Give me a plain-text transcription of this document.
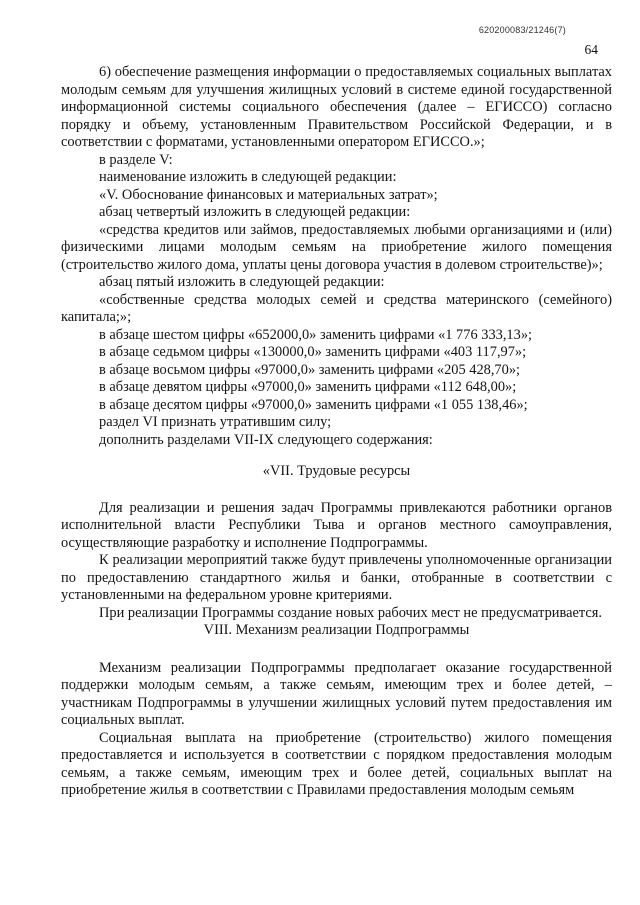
620200083/21246(7)
64

6) обеспечение размещения информации о предоставляемых социальных выплатах молодым семьям для улучшения жилищных условий в системе единой государственной информационной системы социального обеспечения (далее – ЕГИССО) согласно порядку и объему, установленным Правительством Российской Федерации, и в соответствии с форматами, установленными оператором ЕГИССО.»;

в разделе V:

наименование изложить в следующей редакции:

«V. Обоснование финансовых и материальных затрат»;

абзац четвертый изложить в следующей редакции:

«средства кредитов или займов, предоставляемых любыми организациями и (или) физическими лицами молодым семьям на приобретение жилого помещения (строительство жилого дома, уплаты цены договора участия в долевом строительстве)»;

абзац пятый изложить в следующей редакции:

«собственные средства молодых семей и средства материнского (семейного) капитала;»;

в абзаце шестом цифры «652000,0» заменить цифрами «1 776 333,13»;

в абзаце седьмом цифры «130000,0» заменить цифрами «403 117,97»;

в абзаце восьмом цифры «97000,0» заменить цифрами «205 428,70»;

в абзаце девятом цифры «97000,0» заменить цифрами «112 648,00»;

в абзаце десятом цифры «97000,0» заменить цифрами «1 055 138,46»;

раздел VI признать утратившим силу;

дополнить разделами VII-IX следующего содержания:

«VII. Трудовые ресурсы

Для реализации и решения задач Программы привлекаются работники органов исполнительной власти Республики Тыва и органов местного самоуправления, осуществляющие разработку и исполнение Подпрограммы.

К реализации мероприятий также будут привлечены уполномоченные организации по предоставлению стандартного жилья и банки, отобранные в соответствии с установленными на федеральном уровне критериями.

При реализации Программы создание новых рабочих мест не предусматривается.

VIII. Механизм реализации Подпрограммы

Механизм реализации Подпрограммы предполагает оказание государственной поддержки молодым семьям, а также семьям, имеющим трех и более детей, – участникам Подпрограммы в улучшении жилищных условий путем предоставления им социальных выплат.

Социальная выплата на приобретение (строительство) жилого помещения предоставляется и используется в соответствии с порядком предоставления молодым семьям, а также семьям, имеющим трех и более детей, социальных выплат на приобретение жилья в соответствии с Правилами предоставления молодым семьям
